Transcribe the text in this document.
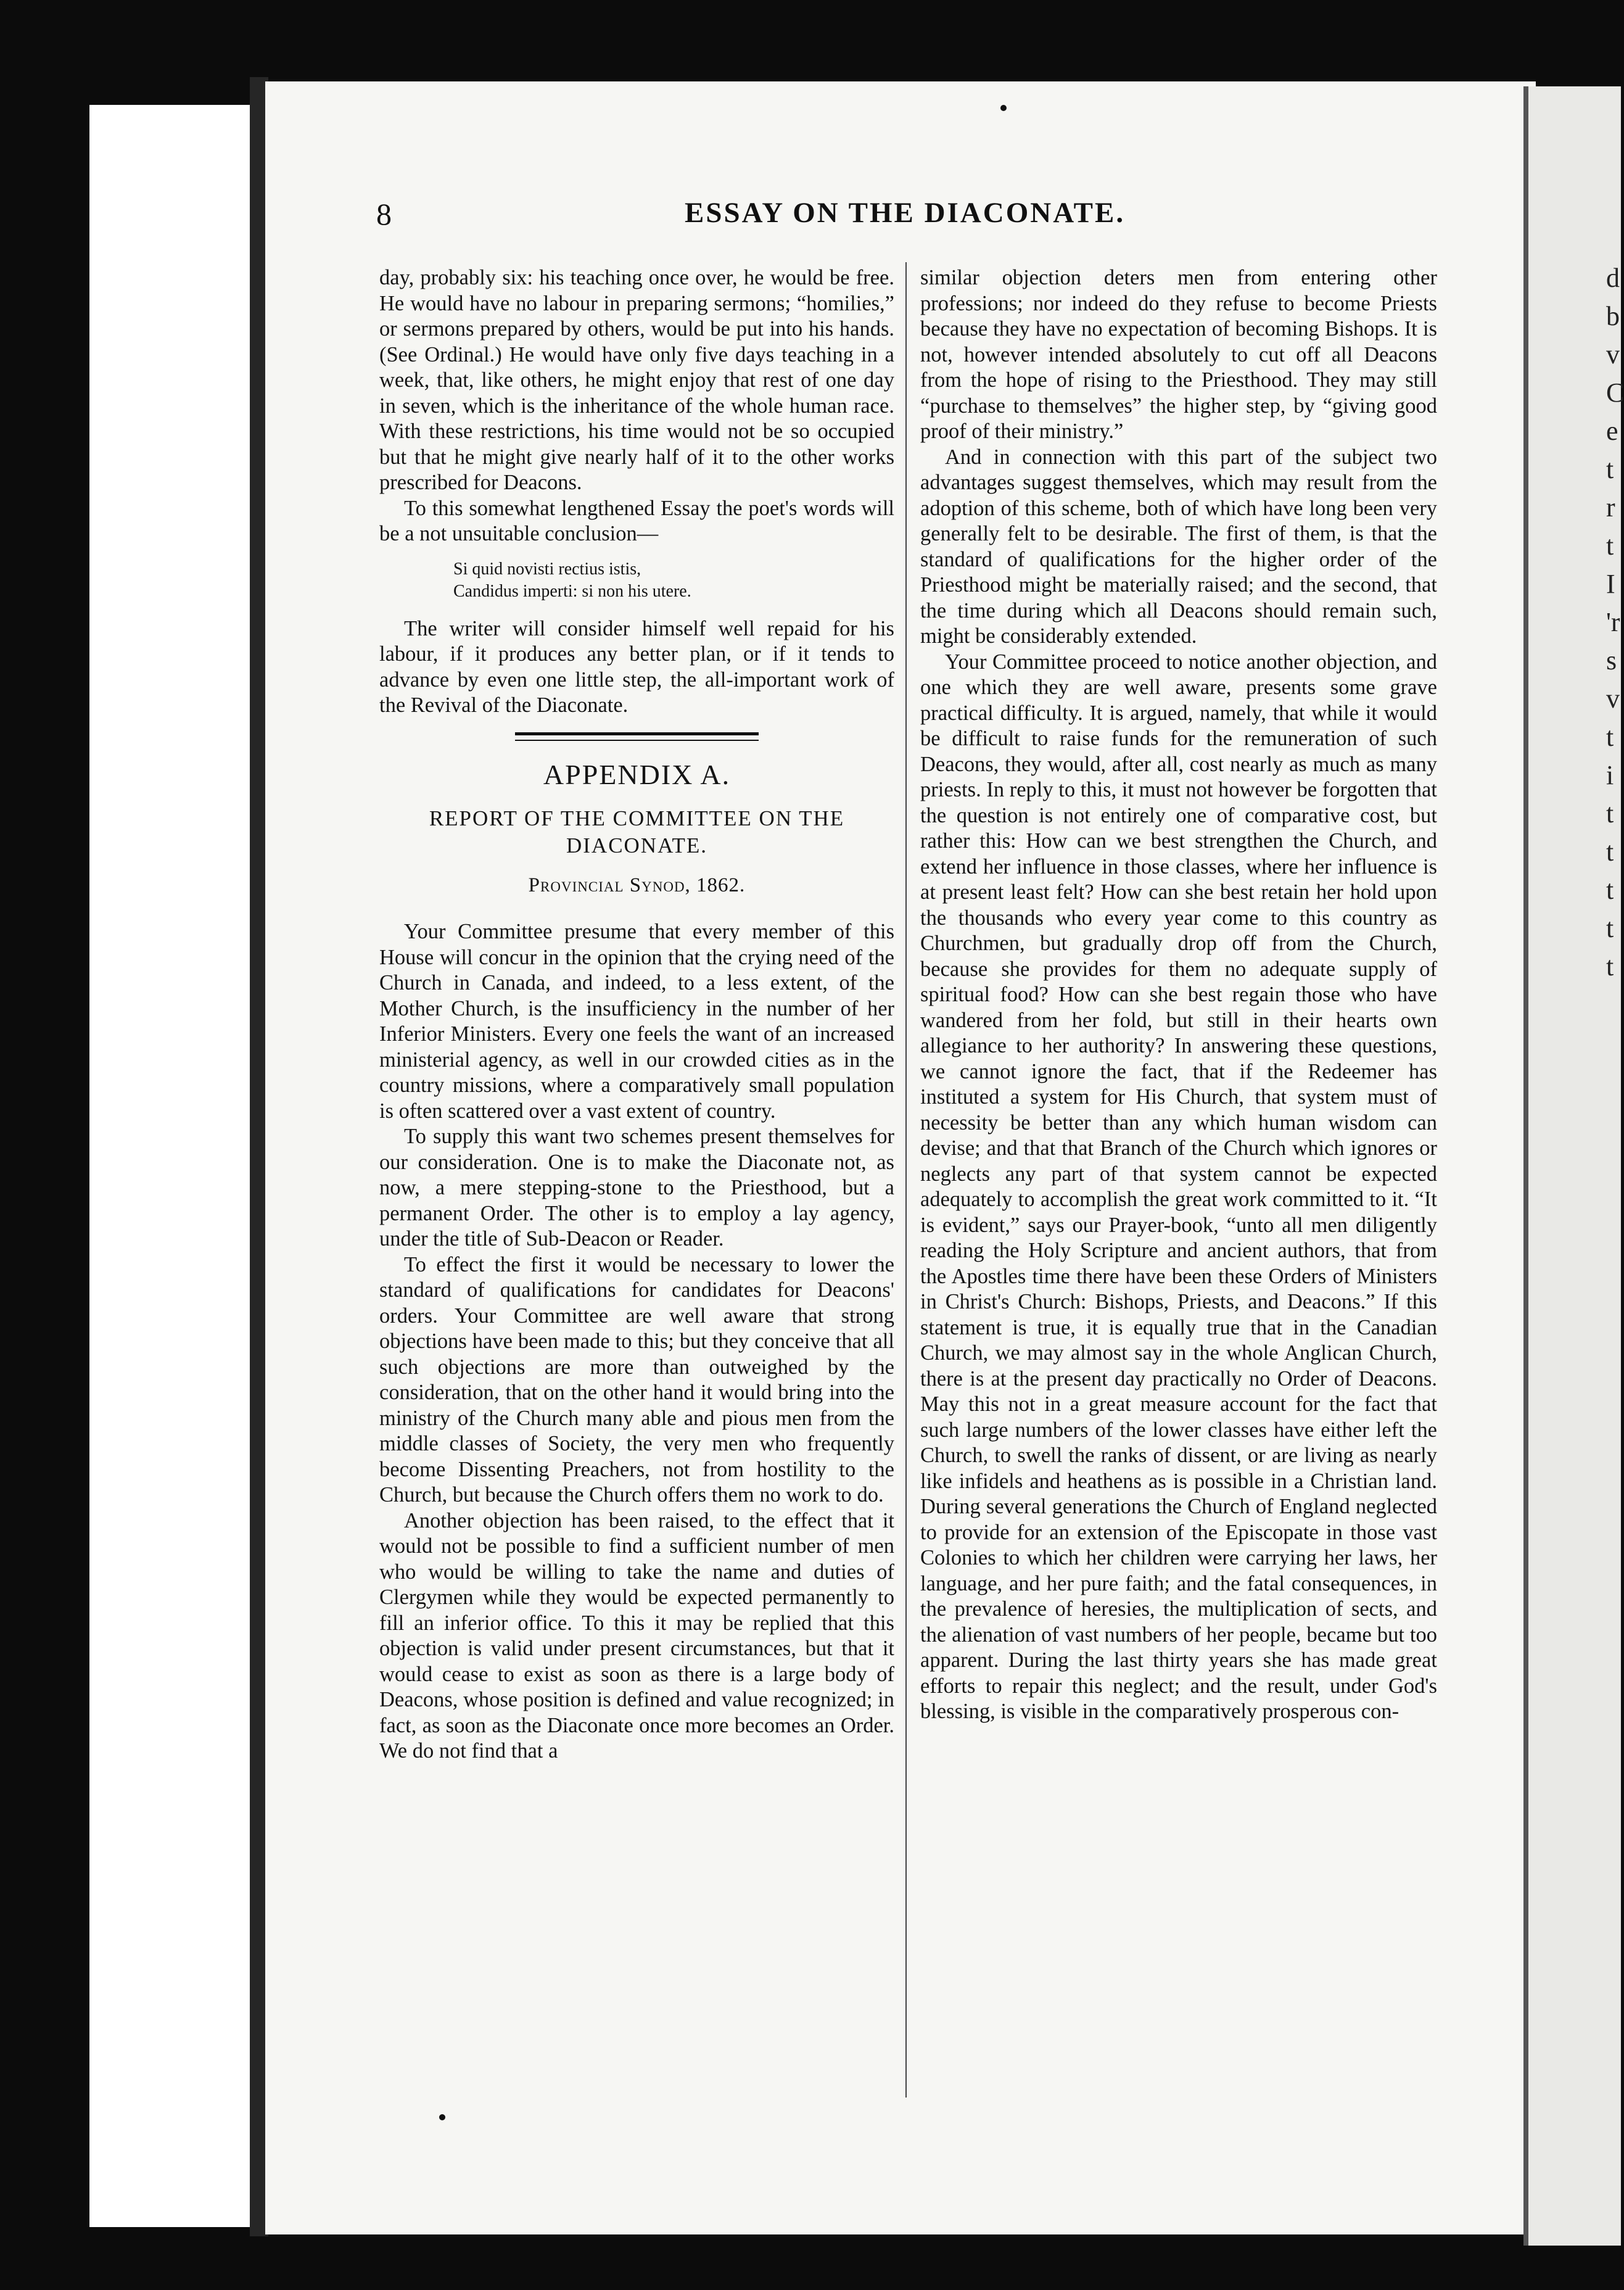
d
b
v
C
e
t
r
t
I
'r
s
v
t
i
t
t
t
t
t
8	ESSAY ON THE DIACONATE.

day, probably six: his teaching once over, he would be free. He would have no labour in preparing sermons; “homilies,” or sermons prepared by others, would be put into his hands. (See Ordinal.) He would have only five days teaching in a week, that, like others, he might enjoy that rest of one day in seven, which is the inheritance of the whole human race. With these restrictions, his time would not be so occupied but that he might give nearly half of it to the other works prescribed for Deacons.

To this somewhat lengthened Essay the poet's words will be a not unsuitable conclusion—

Si quid novisti rectius istis,
Candidus imperti: si non his utere.

The writer will consider himself well repaid for his labour, if it produces any better plan, or if it tends to advance by even one little step, the all-important work of the Revival of the Diaconate.

APPENDIX A.
REPORT OF THE COMMITTEE ON THE
DIACONATE.
Provincial Synod, 1862.

Your Committee presume that every member of this House will concur in the opinion that the crying need of the Church in Canada, and indeed, to a less extent, of the Mother Church, is the insufficiency in the number of her Inferior Ministers. Every one feels the want of an increased ministerial agency, as well in our crowded cities as in the country missions, where a comparatively small population is often scattered over a vast extent of country.

To supply this want two schemes present themselves for our consideration. One is to make the Diaconate not, as now, a mere stepping-stone to the Priesthood, but a permanent Order. The other is to employ a lay agency, under the title of Sub-Deacon or Reader.

To effect the first it would be necessary to lower the standard of qualifications for candidates for Deacons' orders. Your Committee are well aware that strong objections have been made to this; but they conceive that all such objections are more than outweighed by the consideration, that on the other hand it would bring into the ministry of the Church many able and pious men from the middle classes of Society, the very men who frequently become Dissenting Preachers, not from hostility to the Church, but because the Church offers them no work to do.

Another objection has been raised, to the effect that it would not be possible to find a sufficient number of men who would be willing to take the name and duties of Clergymen while they would be expected permanently to fill an inferior office. To this it may be replied that this objection is valid under present circumstances, but that it would cease to exist as soon as there is a large body of Deacons, whose position is defined and value recognized; in fact, as soon as the Diaconate once more becomes an Order. We do not find that a

similar objection deters men from entering other professions; nor indeed do they refuse to become Priests because they have no expectation of becoming Bishops. It is not, however intended absolutely to cut off all Deacons from the hope of rising to the Priesthood. They may still “purchase to themselves” the higher step, by “giving good proof of their ministry.”

And in connection with this part of the subject two advantages suggest themselves, which may result from the adoption of this scheme, both of which have long been very generally felt to be desirable. The first of them, is that the standard of qualifications for the higher order of the Priesthood might be materially raised; and the second, that the time during which all Deacons should remain such, might be considerably extended.

Your Committee proceed to notice another objection, and one which they are well aware, presents some grave practical difficulty. It is argued, namely, that while it would be difficult to raise funds for the remuneration of such Deacons, they would, after all, cost nearly as much as many priests. In reply to this, it must not however be forgotten that the question is not entirely one of comparative cost, but rather this: How can we best strengthen the Church, and extend her influence in those classes, where her influence is at present least felt? How can she best retain her hold upon the thousands who every year come to this country as Churchmen, but gradually drop off from the Church, because she provides for them no adequate supply of spiritual food? How can she best regain those who have wandered from her fold, but still in their hearts own allegiance to her authority? In answering these questions, we cannot ignore the fact, that if the Redeemer has instituted a system for His Church, that system must of necessity be better than any which human wisdom can devise; and that that Branch of the Church which ignores or neglects any part of that system cannot be expected adequately to accomplish the great work committed to it. “It is evident,” says our Prayer-book, “unto all men diligently reading the Holy Scripture and ancient authors, that from the Apostles time there have been these Orders of Ministers in Christ's Church: Bishops, Priests, and Deacons.” If this statement is true, it is equally true that in the Canadian Church, we may almost say in the whole Anglican Church, there is at the present day practically no Order of Deacons. May this not in a great measure account for the fact that such large numbers of the lower classes have either left the Church, to swell the ranks of dissent, or are living as nearly like infidels and heathens as is possible in a Christian land. During several generations the Church of England neglected to provide for an extension of the Episcopate in those vast Colonies to which her children were carrying her laws, her language, and her pure faith; and the fatal consequences, in the prevalence of heresies, the multiplication of sects, and the alienation of vast numbers of her people, became but too apparent. During the last thirty years she has made great efforts to repair this neglect; and the result, under God's blessing, is visible in the comparatively prosperous con-
